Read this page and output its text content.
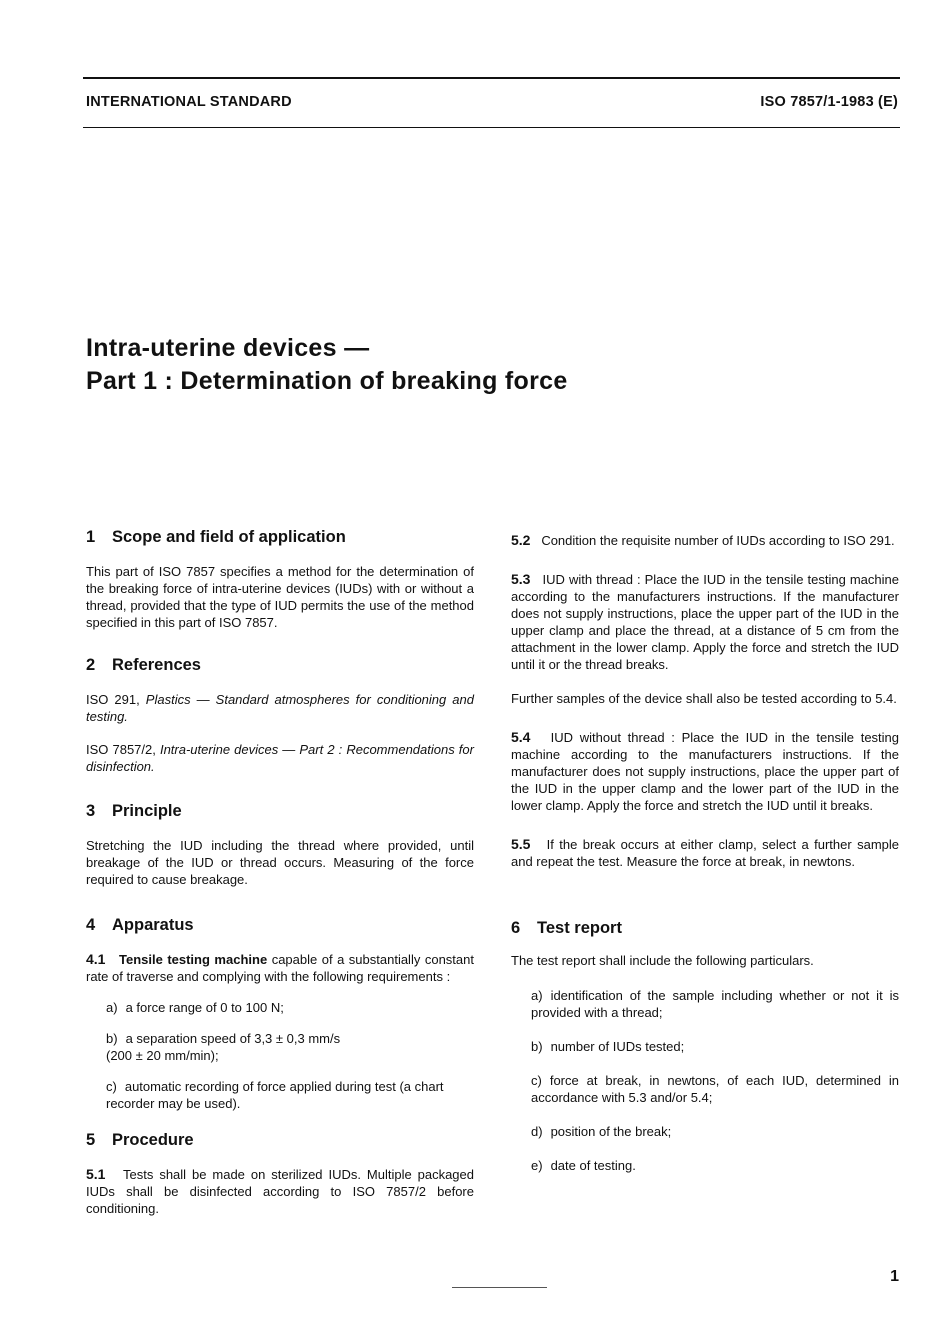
INTERNATIONAL STANDARD	ISO 7857/1-1983 (E)
Intra-uterine devices —
Part 1 : Determination of breaking force
1 Scope and field of application

This part of ISO 7857 specifies a method for the determination of the breaking force of intra-uterine devices (IUDs) with or without a thread, provided that the type of IUD permits the use of the method specified in this part of ISO 7857.

2 References

ISO 291, Plastics — Standard atmospheres for conditioning and testing.

ISO 7857/2, Intra-uterine devices — Part 2 : Recommendations for disinfection.

3 Principle

Stretching the IUD including the thread where provided, until breakage of the IUD or thread occurs. Measuring of the force required to cause breakage.

4 Apparatus

4.1 Tensile testing machine capable of a substantially constant rate of traverse and complying with the following requirements :

a) a force range of 0 to 100 N;

b) a separation speed of 3,3 ± 0,3 mm/s
(200 ± 20 mm/min);

c) automatic recording of force applied during test (a chart recorder may be used).

5 Procedure

5.1 Tests shall be made on sterilized IUDs. Multiple packaged IUDs shall be disinfected according to ISO 7857/2 before conditioning.

5.2 Condition the requisite number of IUDs according to ISO 291.

5.3 IUD with thread : Place the IUD in the tensile testing machine according to the manufacturers instructions. If the manufacturer does not supply instructions, place the upper part of the IUD in the upper clamp and place the thread, at a distance of 5 cm from the attachment in the lower clamp. Apply the force and stretch the IUD until it or the thread breaks.

Further samples of the device shall also be tested according to 5.4.

5.4 IUD without thread : Place the IUD in the tensile testing machine according to the manufacturers instructions. If the manufacturer does not supply instructions, place the upper part of the IUD in the upper clamp and the lower part of the IUD in the lower clamp. Apply the force and stretch the IUD until it breaks.

5.5 If the break occurs at either clamp, select a further sample and repeat the test. Measure the force at break, in newtons.

6 Test report

The test report shall include the following particulars.

a) identification of the sample including whether or not it is provided with a thread;

b) number of IUDs tested;

c) force at break, in newtons, of each IUD, determined in accordance with 5.3 and/or 5.4;

d) position of the break;

e) date of testing.

1
